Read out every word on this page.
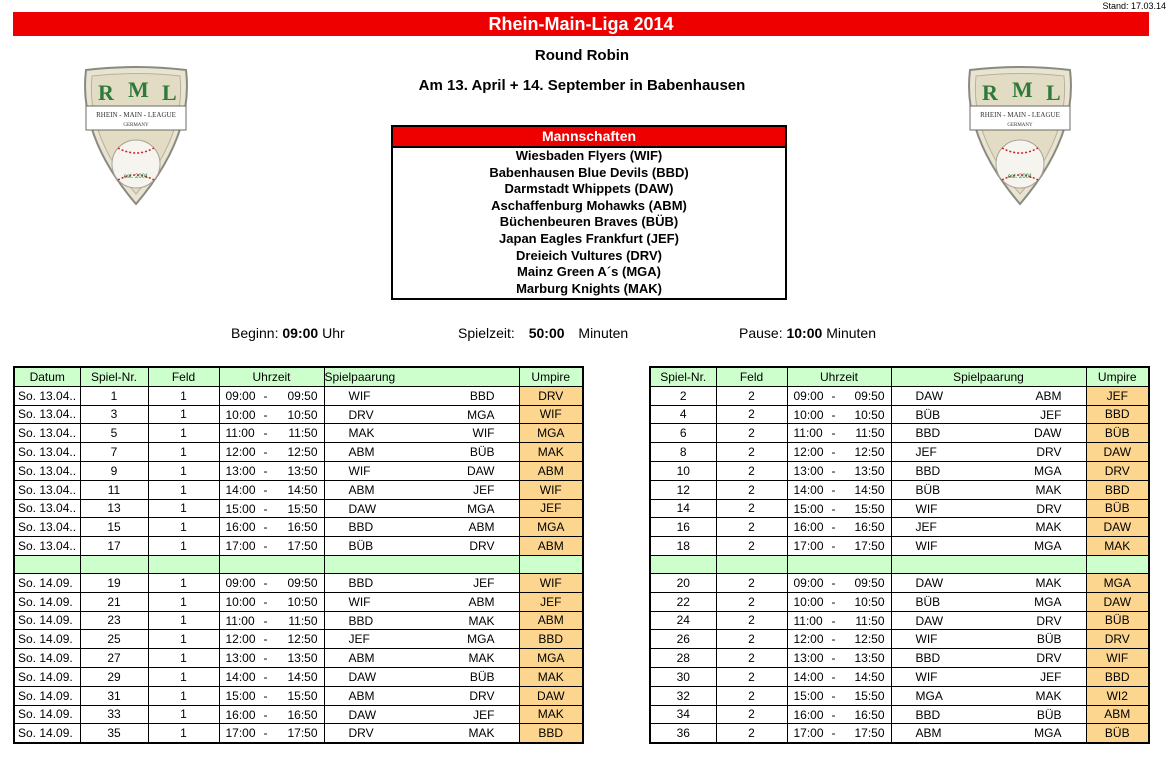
Stand: 17.03.14
Rhein-Main-Liga 2014
Round Robin
Am 13. April + 14. September in Babenhausen
R M L
RHEIN - MAIN - LEAGUE
GERMANY
est. 2001
R M L
RHEIN - MAIN - LEAGUE
GERMANY
est. 2001
Mannschaften
Wiesbaden Flyers (WIF)
Babenhausen Blue Devils (BBD)
Darmstadt Whippets (DAW)
Aschaffenburg Mohawks (ABM)
Büchenbeuren Braves (BÜB)
Japan Eagles Frankfurt (JEF)
Dreieich Vultures (DRV)
Mainz Green A´s (MGA)
Marburg Knights (MAK)
Beginn: 09:00 Uhr	Spielzeit: 50:00 Minuten	Pause: 10:00 Minuten
Datum	Spiel-Nr.	Feld	Uhrzeit	Spielpaarung	Umpire
So. 13.04..	1	1	09:00 - 09:50	WIF BBD	DRV
So. 13.04..	3	1	10:00 - 10:50	DRV MGA	WIF
So. 13.04..	5	1	11:00 - 11:50	MAK WIF	MGA
So. 13.04..	7	1	12:00 - 12:50	ABM BÜB	MAK
So. 13.04..	9	1	13:00 - 13:50	WIF DAW	ABM
So. 13.04..	11	1	14:00 - 14:50	ABM JEF	WIF
So. 13.04..	13	1	15:00 - 15:50	DAW MGA	JEF
So. 13.04..	15	1	16:00 - 16:50	BBD ABM	MGA
So. 13.04..	17	1	17:00 - 17:50	BÜB DRV	ABM

So. 14.09.	19	1	09:00 - 09:50	BBD JEF	WIF
So. 14.09.	21	1	10:00 - 10:50	WIF ABM	JEF
So. 14.09.	23	1	11:00 - 11:50	BBD MAK	ABM
So. 14.09.	25	1	12:00 - 12:50	JEF MGA	BBD
So. 14.09.	27	1	13:00 - 13:50	ABM MAK	MGA
So. 14.09.	29	1	14:00 - 14:50	DAW BÜB	MAK
So. 14.09.	31	1	15:00 - 15:50	ABM DRV	DAW
So. 14.09.	33	1	16:00 - 16:50	DAW JEF	MAK
So. 14.09.	35	1	17:00 - 17:50	DRV MAK	BBD
Spiel-Nr.	Feld	Uhrzeit	Spielpaarung	Umpire
2	2	09:00 - 09:50	DAW ABM	JEF
4	2	10:00 - 10:50	BÜB JEF	BBD
6	2	11:00 - 11:50	BBD DAW	BÜB
8	2	12:00 - 12:50	JEF DRV	DAW
10	2	13:00 - 13:50	BBD MGA	DRV
12	2	14:00 - 14:50	BÜB MAK	BBD
14	2	15:00 - 15:50	WIF DRV	BÜB
16	2	16:00 - 16:50	JEF MAK	DAW
18	2	17:00 - 17:50	WIF MGA	MAK

20	2	09:00 - 09:50	DAW MAK	MGA
22	2	10:00 - 10:50	BÜB MGA	DAW
24	2	11:00 - 11:50	DAW DRV	BÜB
26	2	12:00 - 12:50	WIF BÜB	DRV
28	2	13:00 - 13:50	BBD DRV	WIF
30	2	14:00 - 14:50	WIF JEF	BBD
32	2	15:00 - 15:50	MGA MAK	WI2
34	2	16:00 - 16:50	BBD BÜB	ABM
36	2	17:00 - 17:50	ABM MGA	BÜB
